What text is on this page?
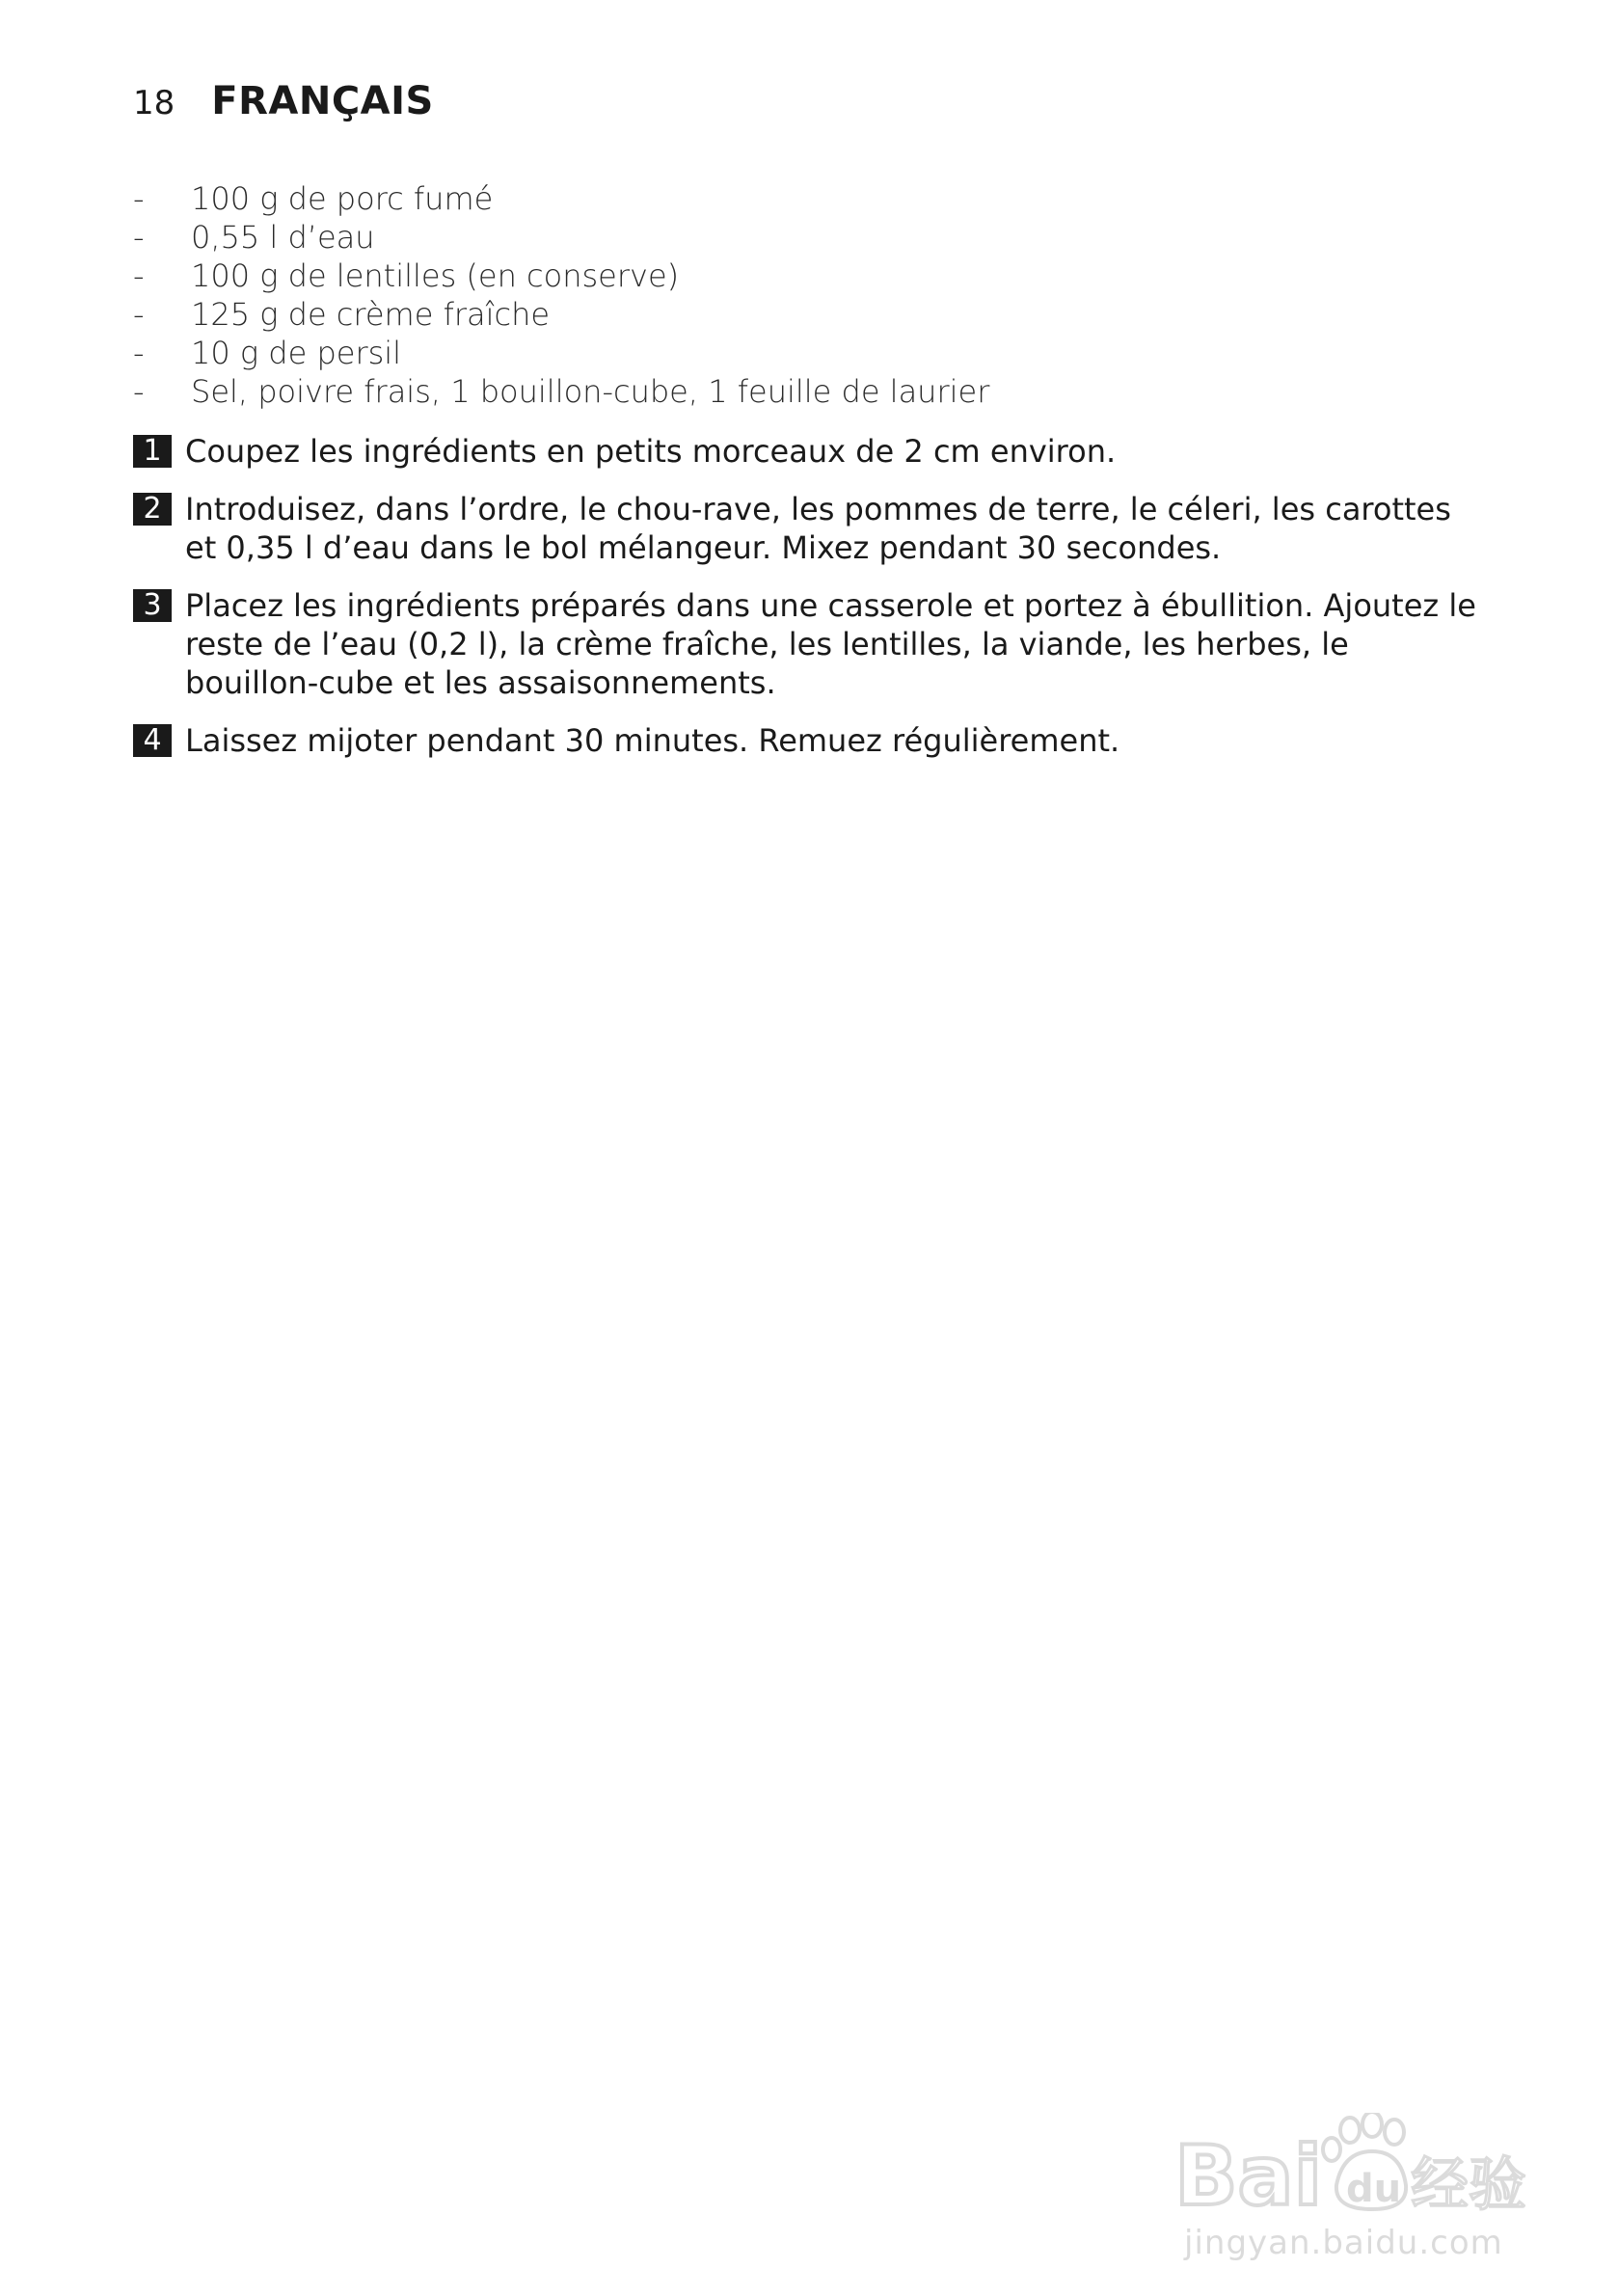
18 FRANÇAIS
-	100 g de porc fumé
-	0,55 l d’eau
-	100 g de lentilles (en conserve)
-	125 g de crème fraîche
-	10 g de persil
-	Sel, poivre frais, 1 bouillon-cube, 1 feuille de laurier
1 Coupez les ingrédients en petits morceaux de 2 cm environ.
2 Introduisez, dans l’ordre, le chou-rave, les pommes de terre, le céleri, les carottes et 0,35 l d’eau dans le bol mélangeur. Mixez pendant 30 secondes.
3 Placez les ingrédients préparés dans une casserole et portez à ébullition. Ajoutez le reste de l’eau (0,2 l), la crème fraîche, les lentilles, la viande, les herbes, le bouillon-cube et les assaisonnements.
4 Laissez mijoter pendant 30 minutes. Remuez régulièrement.
Bai 经验
du
jingyan.baidu.com
